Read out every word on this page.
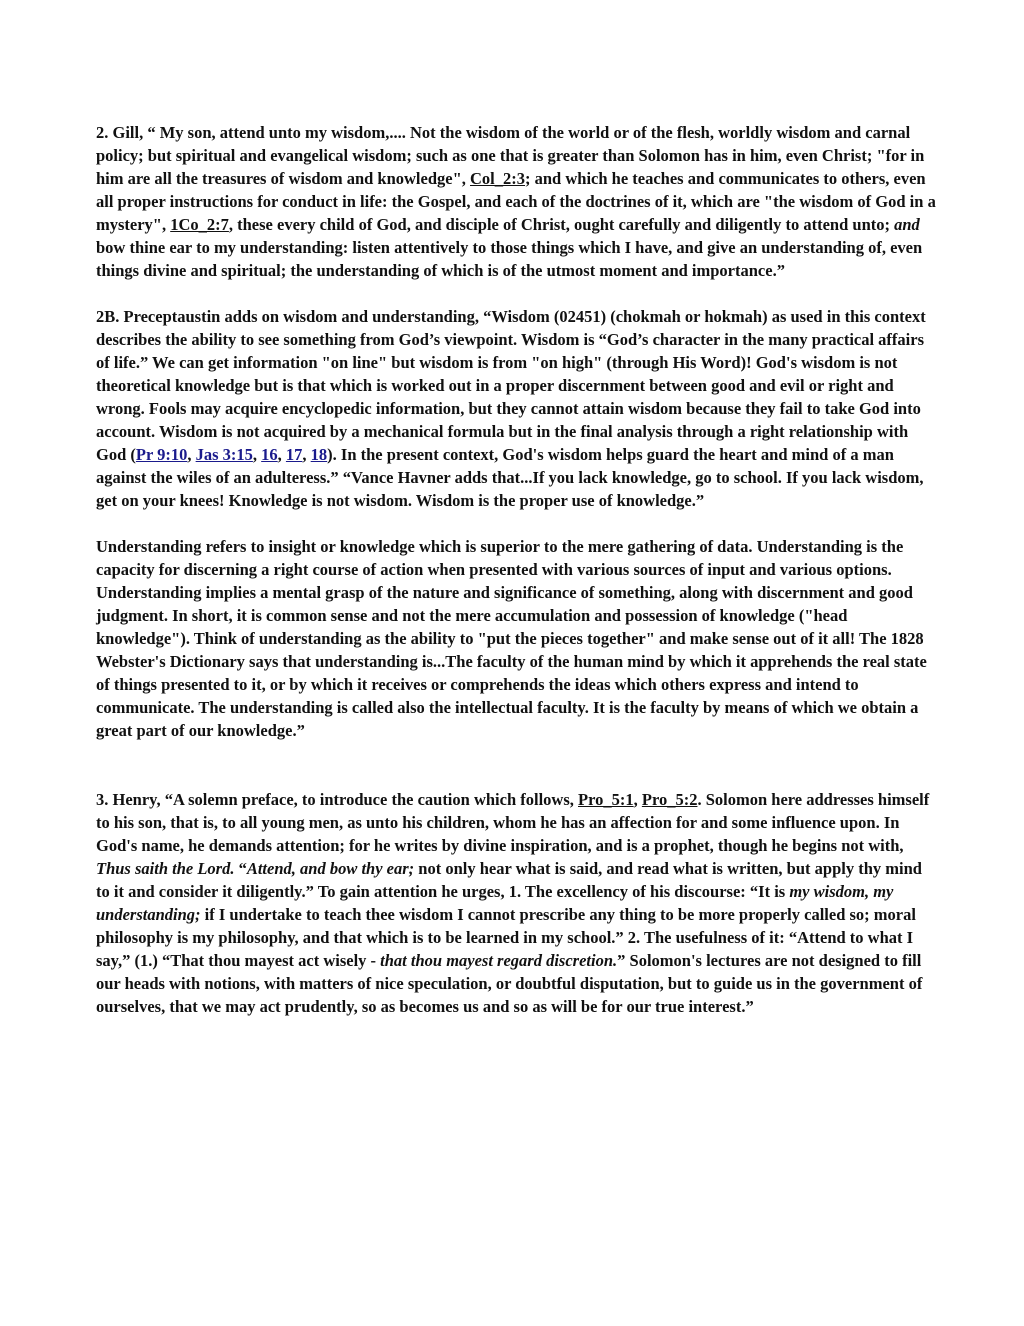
2. Gill, “ My son, attend unto my wisdom,.... Not the wisdom of the world or of the flesh, worldly wisdom and carnal policy; but spiritual and evangelical wisdom; such as one that is greater than Solomon has in him, even Christ; "for in him are all the treasures of wisdom and knowledge", Col_2:3; and which he teaches and communicates to others, even all proper instructions for conduct in life: the Gospel, and each of the doctrines of it, which are "the wisdom of God in a mystery", 1Co_2:7, these every child of God, and disciple of Christ, ought carefully and diligently to attend unto; and bow thine ear to my understanding: listen attentively to those things which I have, and give an understanding of, even things divine and spiritual; the understanding of which is of the utmost moment and importance.”

2B. Preceptaustin adds on wisdom and understanding, “Wisdom (02451) (chokmah or hokmah) as used in this context describes the ability to see something from God’s viewpoint. Wisdom is “God’s character in the many practical affairs of life.” We can get information "on line" but wisdom is from "on high" (through His Word)! God's wisdom is not theoretical knowledge but is that which is worked out in a proper discernment between good and evil or right and wrong. Fools may acquire encyclopedic information, but they cannot attain wisdom because they fail to take God into account. Wisdom is not acquired by a mechanical formula but in the final analysis through a right relationship with God (Pr 9:10, Jas 3:15, 16, 17, 18). In the present context, God's wisdom helps guard the heart and mind of a man against the wiles of an adulteress.” “Vance Havner adds that...If you lack knowledge, go to school. If you lack wisdom, get on your knees! Knowledge is not wisdom. Wisdom is the proper use of knowledge.”

Understanding refers to insight or knowledge which is superior to the mere gathering of data. Understanding is the capacity for discerning a right course of action when presented with various sources of input and various options. Understanding implies a mental grasp of the nature and significance of something, along with discernment and good judgment. In short, it is common sense and not the mere accumulation and possession of knowledge ("head knowledge"). Think of understanding as the ability to "put the pieces together" and make sense out of it all! The 1828 Webster's Dictionary says that understanding is...The faculty of the human mind by which it apprehends the real state of things presented to it, or by which it receives or comprehends the ideas which others express and intend to communicate. The understanding is called also the intellectual faculty. It is the faculty by means of which we obtain a great part of our knowledge.”

3. Henry, “A solemn preface, to introduce the caution which follows, Pro_5:1, Pro_5:2. Solomon here addresses himself to his son, that is, to all young men, as unto his children, whom he has an affection for and some influence upon. In God's name, he demands attention; for he writes by divine inspiration, and is a prophet, though he begins not with, Thus saith the Lord. “Attend, and bow thy ear; not only hear what is said, and read what is written, but apply thy mind to it and consider it diligently.” To gain attention he urges, 1. The excellency of his discourse: “It is my wisdom, my understanding; if I undertake to teach thee wisdom I cannot prescribe any thing to be more properly called so; moral philosophy is my philosophy, and that which is to be learned in my school.” 2. The usefulness of it: “Attend to what I say,” (1.) “That thou mayest act wisely - that thou mayest regard discretion.” Solomon's lectures are not designed to fill our heads with notions, with matters of nice speculation, or doubtful disputation, but to guide us in the government of ourselves, that we may act prudently, so as becomes us and so as will be for our true interest.”
